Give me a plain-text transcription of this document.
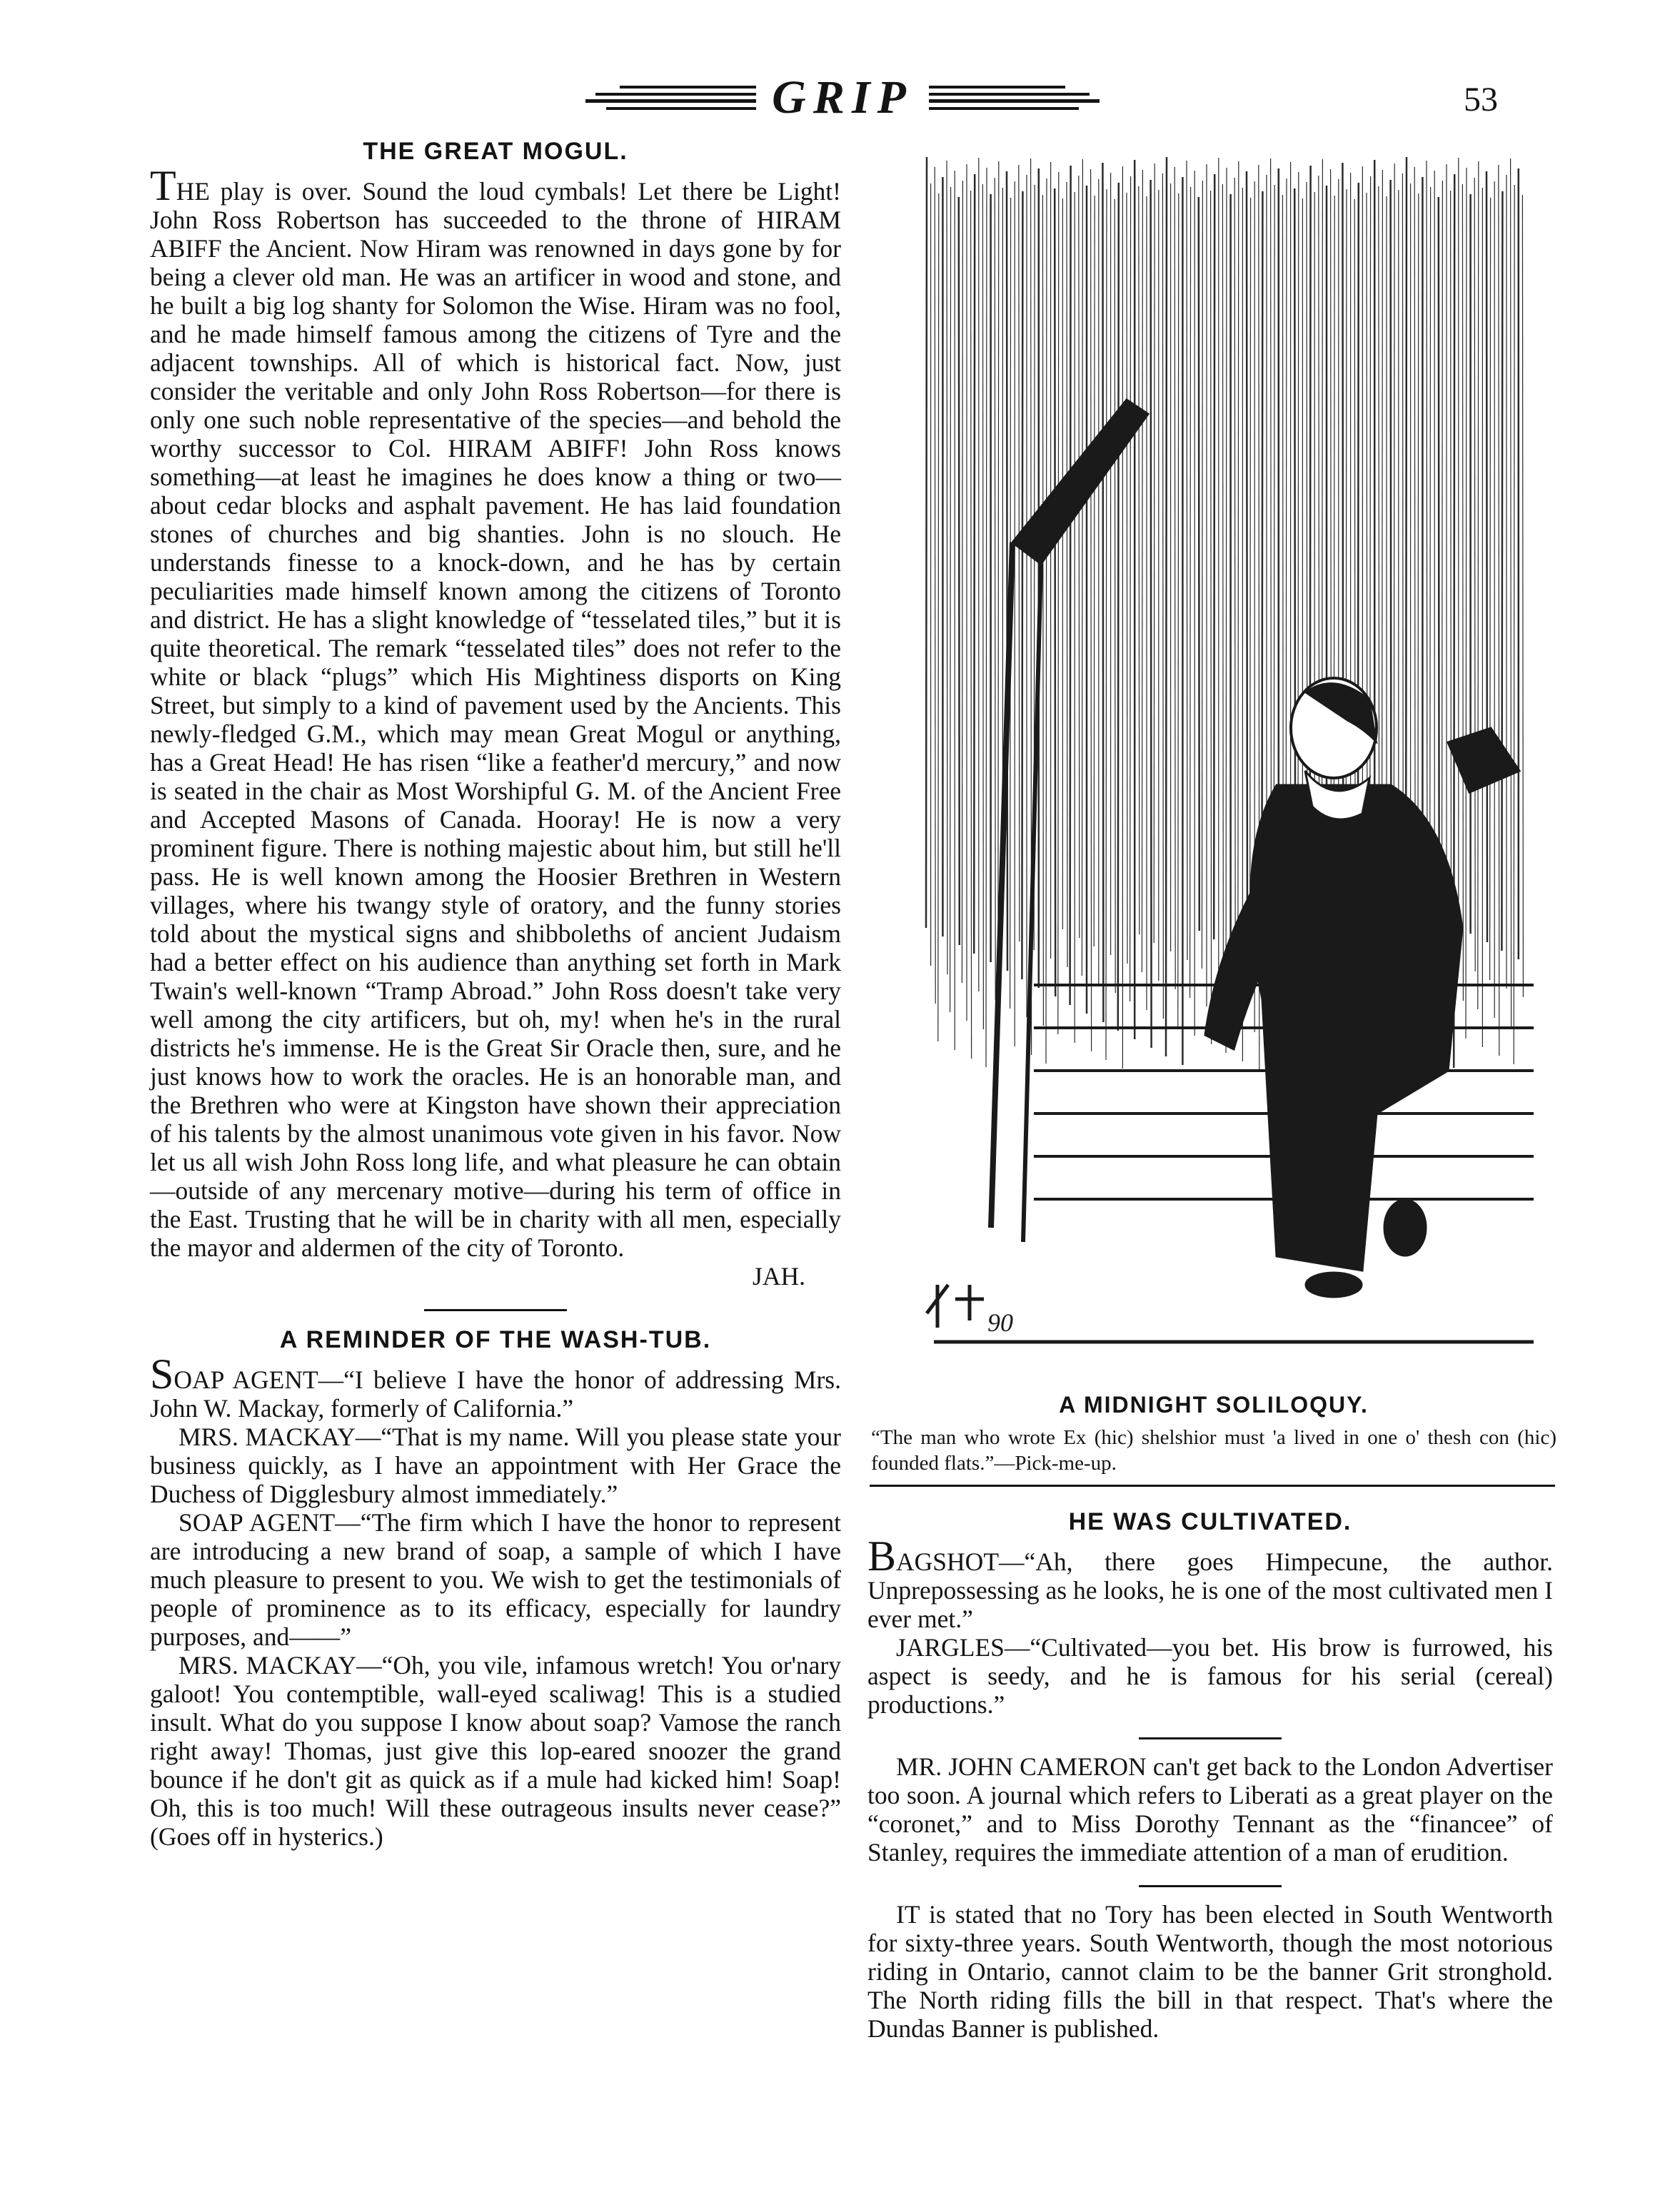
GRIP	53
THE GREAT MOGUL.

THE play is over. Sound the loud cymbals! Let there be Light! John Ross Robertson has succeeded to the throne of HIRAM ABIFF the Ancient. Now Hiram was renowned in days gone by for being a clever old man. He was an artificer in wood and stone, and he built a big log shanty for Solomon the Wise. Hiram was no fool, and he made himself famous among the citizens of Tyre and the adjacent townships. All of which is historical fact. Now, just consider the veritable and only John Ross Robertson—for there is only one such noble representative of the species—and behold the worthy successor to Col. HIRAM ABIFF! John Ross knows something—at least he imagines he does know a thing or two—about cedar blocks and asphalt pavement. He has laid foundation stones of churches and big shanties. John is no slouch. He understands finesse to a knock-down, and he has by certain peculiarities made himself known among the citizens of Toronto and district. He has a slight knowledge of “tesselated tiles,” but it is quite theoretical. The remark “tesselated tiles” does not refer to the white or black “plugs” which His Mightiness disports on King Street, but simply to a kind of pavement used by the Ancients. This newly-fledged G.M., which may mean Great Mogul or anything, has a Great Head! He has risen “like a feather'd mercury,” and now is seated in the chair as Most Worshipful G. M. of the Ancient Free and Accepted Masons of Canada. Hooray! He is now a very prominent figure. There is nothing majestic about him, but still he'll pass. He is well known among the Hoosier Brethren in Western villages, where his twangy style of oratory, and the funny stories told about the mystical signs and shibboleths of ancient Judaism had a better effect on his audience than anything set forth in Mark Twain's well-known “Tramp Abroad.” John Ross doesn't take very well among the city artificers, but oh, my! when he's in the rural districts he's immense. He is the Great Sir Oracle then, sure, and he just knows how to work the oracles. He is an honorable man, and the Brethren who were at Kingston have shown their appreciation of his talents by the almost unanimous vote given in his favor. Now let us all wish John Ross long life, and what pleasure he can obtain—outside of any mercenary motive—during his term of office in the East. Trusting that he will be in charity with all men, especially the mayor and aldermen of the city of Toronto.

JAH.

A REMINDER OF THE WASH-TUB.

SOAP AGENT—“I believe I have the honor of addressing Mrs. John W. Mackay, formerly of California.”

MRS. MACKAY—“That is my name. Will you please state your business quickly, as I have an appointment with Her Grace the Duchess of Digglesbury almost immediately.”

SOAP AGENT—“The firm which I have the honor to represent are introducing a new brand of soap, a sample of which I have much pleasure to present to you. We wish to get the testimonials of people of prominence as to its efficacy, especially for laundry purposes, and——”

MRS. MACKAY—“Oh, you vile, infamous wretch! You or'nary galoot! You contemptible, wall-eyed scaliwag! This is a studied insult. What do you suppose I know about soap? Vamose the ranch right away! Thomas, just give this lop-eared snoozer the grand bounce if he don't git as quick as if a mule had kicked him! Soap! Oh, this is too much! Will these outrageous insults never cease?” (Goes off in hysterics.)

90
A MIDNIGHT SOLILOQUY.
“The man who wrote Ex (hic) shelshior must 'a lived in one o' thesh con (hic) founded flats.”—Pick-me-up.
HE WAS CULTIVATED.

BAGSHOT—“Ah, there goes Himpecune, the author. Unprepossessing as he looks, he is one of the most cultivated men I ever met.”

JARGLES—“Cultivated—you bet. His brow is furrowed, his aspect is seedy, and he is famous for his serial (cereal) productions.”

MR. JOHN CAMERON can't get back to the London Advertiser too soon. A journal which refers to Liberati as a great player on the “coronet,” and to Miss Dorothy Tennant as the “financee” of Stanley, requires the immediate attention of a man of erudition.

IT is stated that no Tory has been elected in South Wentworth for sixty-three years. South Wentworth, though the most notorious riding in Ontario, cannot claim to be the banner Grit stronghold. The North riding fills the bill in that respect. That's where the Dundas Banner is published.
